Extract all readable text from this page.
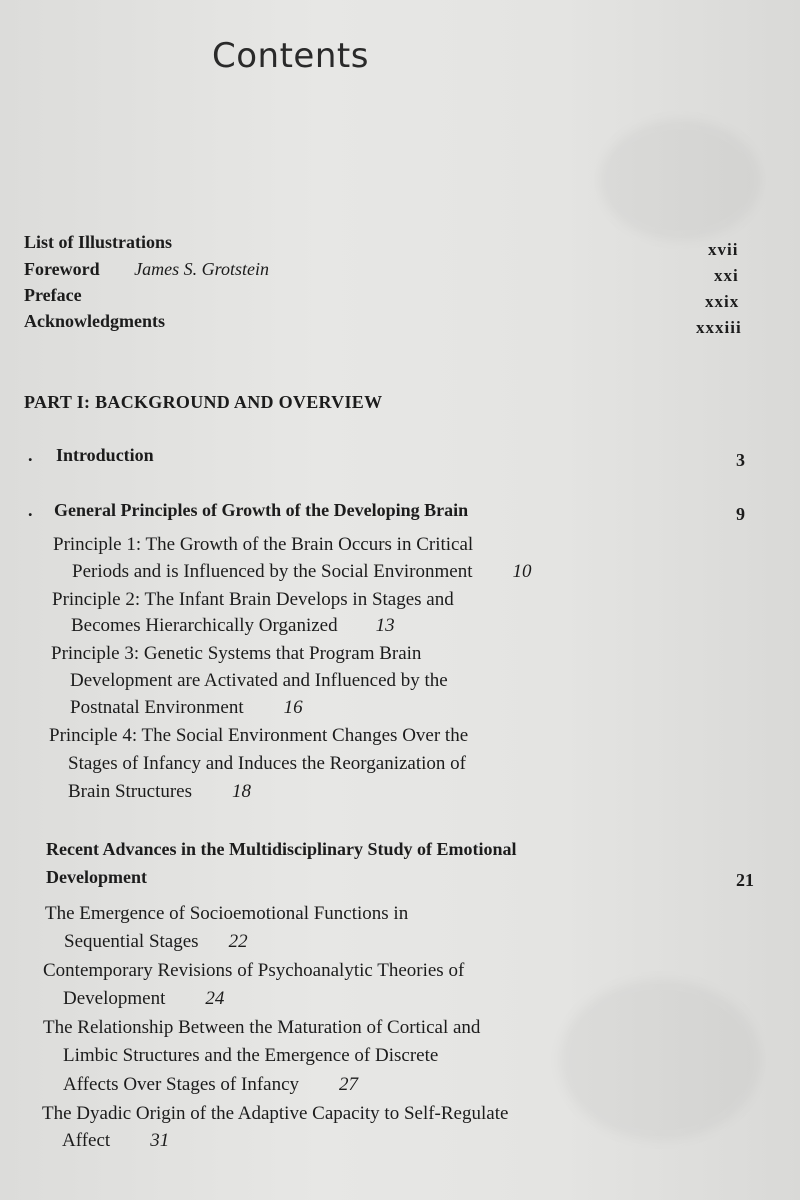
Contents
List of Illustrations	xvii
Foreword James S. Grotstein	xxi
Preface	xxix
Acknowledgments	xxxiii
PART I: BACKGROUND AND OVERVIEW
. Introduction	3
. General Principles of Growth of the Developing Brain	9
Principle 1: The Growth of the Brain Occurs in Critical
Periods and is Influenced by the Social Environment 10
Principle 2: The Infant Brain Develops in Stages and
Becomes Hierarchically Organized 13
Principle 3: Genetic Systems that Program Brain
Development are Activated and Influenced by the
Postnatal Environment 16
Principle 4: The Social Environment Changes Over the
Stages of Infancy and Induces the Reorganization of
Brain Structures 18
Recent Advances in the Multidisciplinary Study of Emotional
Development	21
The Emergence of Socioemotional Functions in
Sequential Stages 22
Contemporary Revisions of Psychoanalytic Theories of
Development 24
The Relationship Between the Maturation of Cortical and
Limbic Structures and the Emergence of Discrete
Affects Over Stages of Infancy 27
The Dyadic Origin of the Adaptive Capacity to Self-Regulate
Affect 31
